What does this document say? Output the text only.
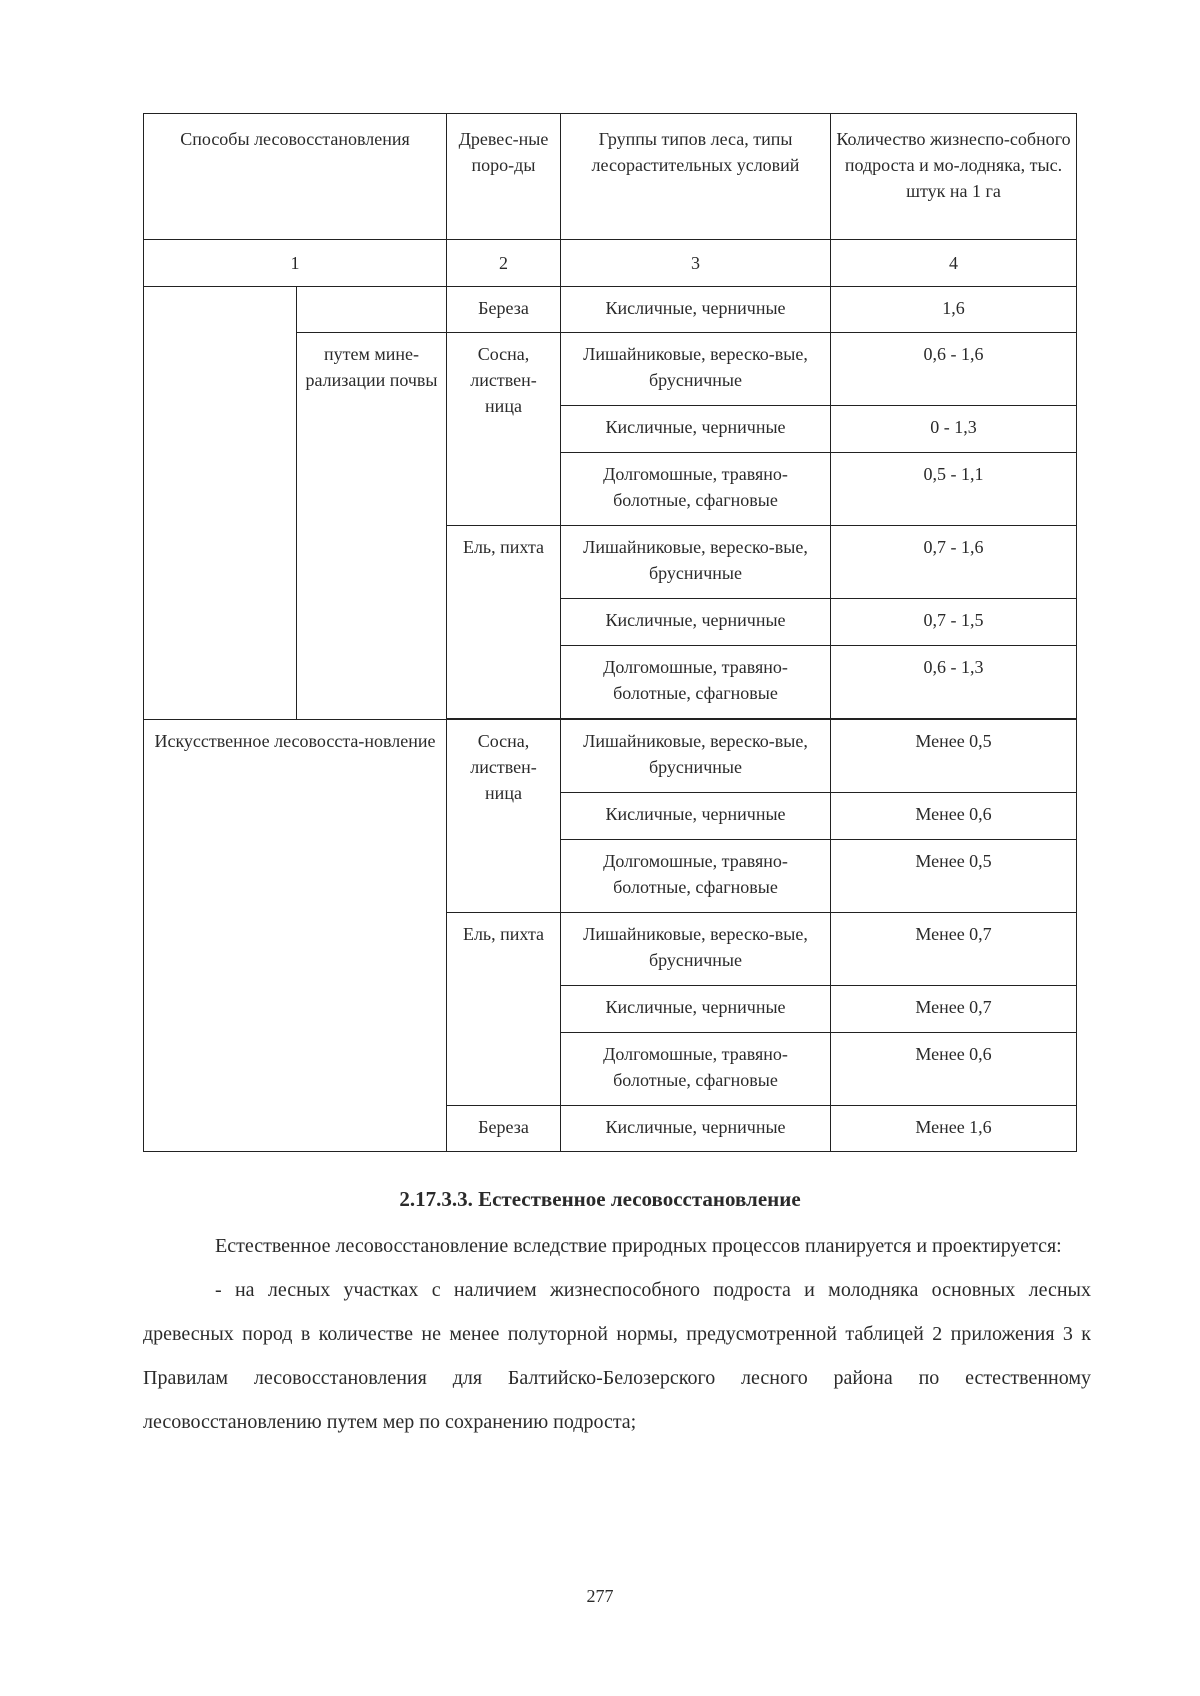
Способы лесовосстановления		Древес-ные поро-ды	Группы типов леса, типы лесорастительных условий	Количество жизнеспо-собного подроста и мо-лодняка, тыс. штук на 1 га
1		2	3	4
		Береза	Кисличные, черничные	1,6
	путем мине-рализации почвы	Сосна, листвен-ница	Лишайниковые, вереско-вые, брусничные	0,6 - 1,6
			Кисличные, черничные	0 - 1,3
			Долгомошные, травяно-болотные, сфагновые	0,5 - 1,1
		Ель, пихта	Лишайниковые, вереско-вые, брусничные	0,7 - 1,6
			Кисличные, черничные	0,7 - 1,5
			Долгомошные, травяно-болотные, сфагновые	0,6 - 1,3

Искусственное лесовосста-новление		Сосна, листвен-ница	Лишайниковые, вереско-вые, брусничные	Менее 0,5
			Кисличные, черничные	Менее 0,6
			Долгомошные, травяно-болотные, сфагновые	Менее 0,5
		Ель, пихта	Лишайниковые, вереско-вые, брусничные	Менее 0,7
			Кисличные, черничные	Менее 0,7
			Долгомошные, травяно-болотные, сфагновые	Менее 0,6
		Береза	Кисличные, черничные	Менее 1,6
2.17.3.3. Естественное лесовосстановление

Естественное лесовосстановление вследствие природных процессов планируется и проектируется:

- на лесных участках с наличием жизнеспособного подроста и молодняка основных лесных древесных пород в количестве не менее полуторной нормы, предусмотренной таблицей 2 приложения 3 к Правилам лесовосстановления для Балтийско-Белозерского лесного района по естественному лесовосстановлению путем мер по сохранению подроста;

277
